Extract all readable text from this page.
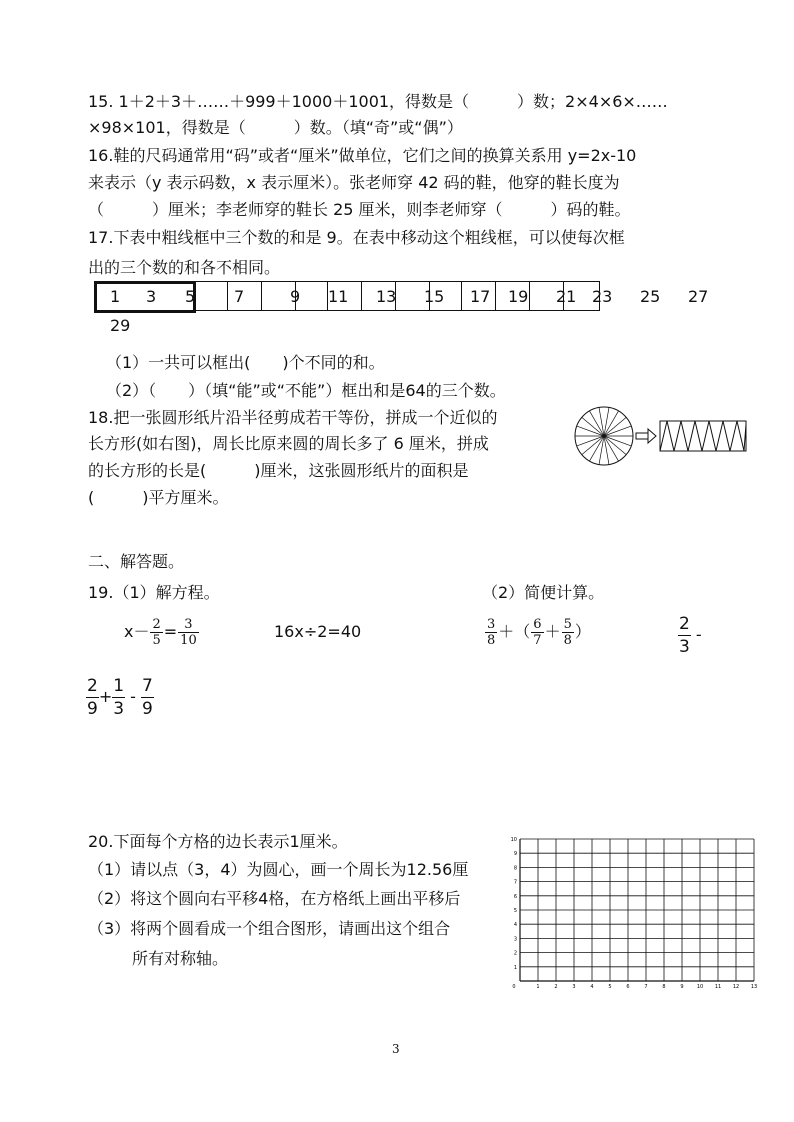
15. 1＋2＋3＋……＋999＋1000＋1001，得数是（　　　）数；2×4×6×……
×98×101，得数是（　　　）数。（填“奇”或“偶”）
16.鞋的尺码通常用“码”或者“厘米”做单位，它们之间的换算关系用 y=2x-10
来表示（y 表示码数，x 表示厘米）。张老师穿 42 码的鞋，他穿的鞋长度为
（　　　）厘米；李老师穿的鞋长 25 厘米，则李老师穿（　　　）码的鞋。
17.下表中粗线框中三个数的和是 9。在表中移动这个粗线框，可以使每次框
出的三个数的和各不相同。
1 3 5 7	9 11 13 15 17 19 21 23 25 27
29
（1）一共可以框出(　　)个不同的和。
（2）（　　）（填“能”或“不能”）框出和是64的三个数。
18.把一张圆形纸片沿半径剪成若干等份，拼成一个近似的
长方形(如右图)，周长比原来圆的周长多了 6 厘米，拼成
的长方形的长是(　　　)厘米，这张圆形纸片的面积是
(　　　)平方厘米。
二、解答题。
19.（1）解方程。	（2）简便计算。
$x- \frac{2}{5} = \frac{3}{10}$	16x÷2=40	$\frac{3}{8}$ ＋（ $\frac{6}{7} + \frac{5}{8}$ ）	$\frac{2}{3}$ -
$\frac{2}{9} + \frac{1}{3} - \frac{7}{9}$
20.下面每个方格的边长表示1厘米。
（1）请以点（3，4）为圆心，画一个周长为12.56厘
（2）将这个圆向右平移4格，在方格纸上画出平移后
（3）将两个圆看成一个组合图形，请画出这个组合
所有对称轴。
0	1	2	3	4	5	6	7	8	9	10 11 12 13
1
2
3
4
5
6
7
8
9
10
3
